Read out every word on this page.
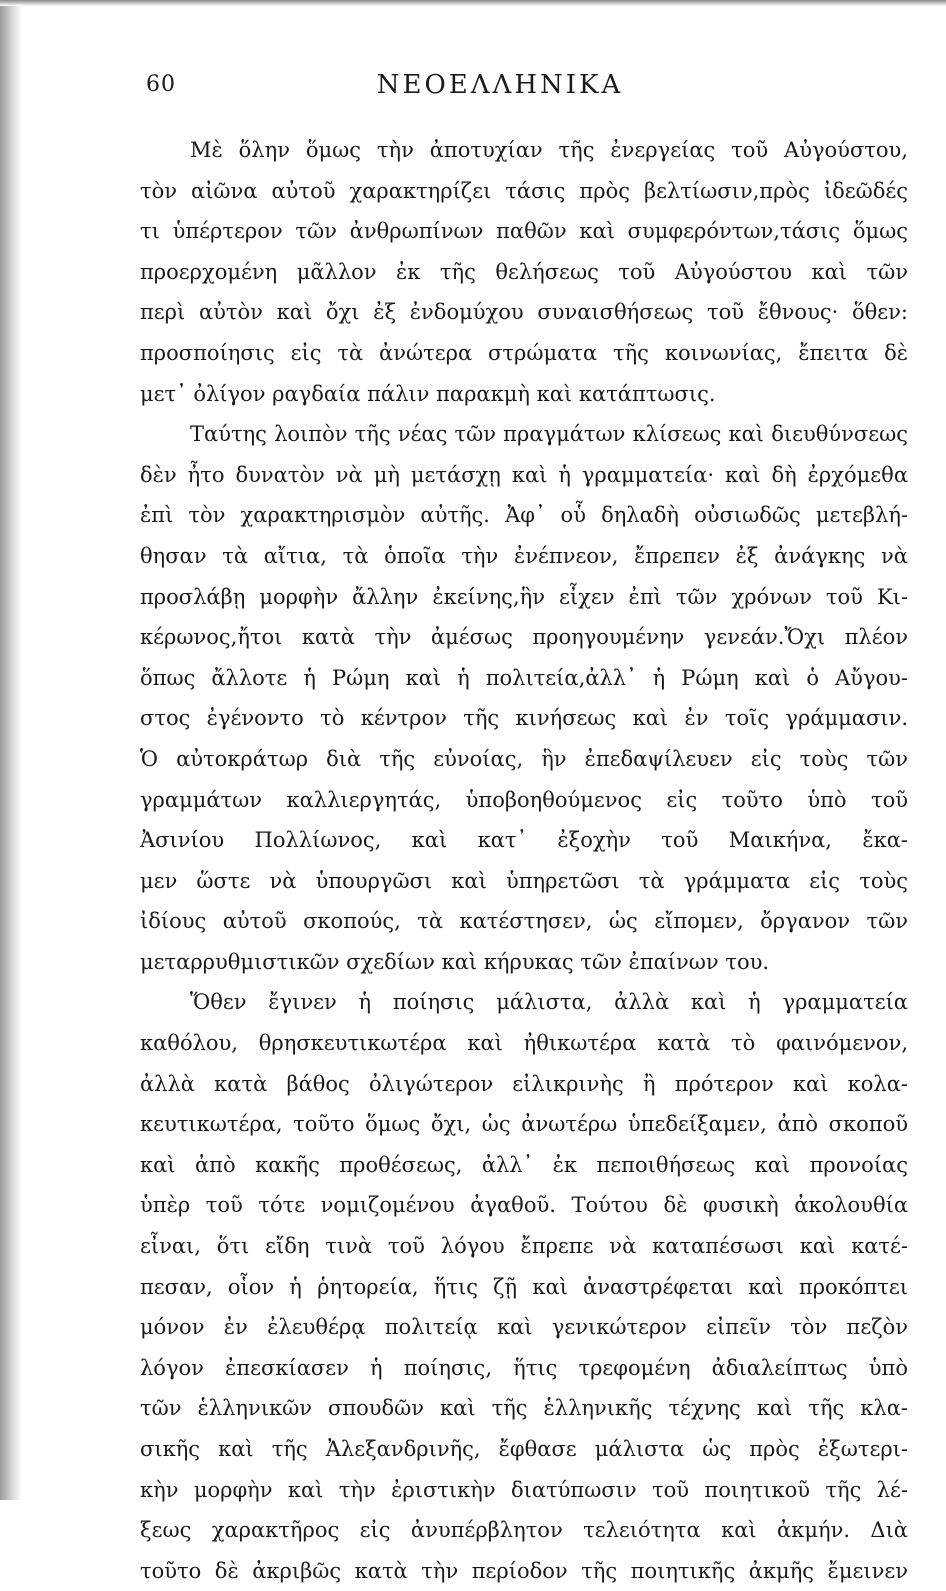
60	ΝΕΟΕΛΛΗΝΙΚΑ
Μὲ ὅλην ὅμως τὴν ἀποτυχίαν τῆς ἐνεργείας τοῦ Αὐγούστου,
τὸν αἰῶνα αὐτοῦ χαρακτηρίζει τάσις πρὸς βελτίωσιν,πρὸς ἰδεῶδές
τι ὑπέρτερον τῶν ἀνθρωπίνων παθῶν καὶ συμφερόντων,τάσις ὅμως
προερχομένη μᾶλλον ἐκ τῆς θελήσεως τοῦ Αὐγούστου καὶ τῶν
περὶ αὐτὸν καὶ ὄχι ἐξ ἐνδομύχου συναισθήσεως τοῦ ἔθνους· ὅθεν:
προσποίησις εἰς τὰ ἀνώτερα στρώματα τῆς κοινωνίας, ἔπειτα δὲ
μετ᾽ ὀλίγον ραγδαία πάλιν παρακμὴ καὶ κατάπτωσις.
Ταύτης λοιπὸν τῆς νέας τῶν πραγμάτων κλίσεως καὶ διευθύνσεως
δὲν ἦτο δυνατὸν νὰ μὴ μετάσχῃ καὶ ἡ γραμματεία· καὶ δὴ ἐρχόμεθα
ἐπὶ τὸν χαρακτηρισμὸν αὐτῆς. Ἀφ᾽ οὗ δηλαδὴ οὐσιωδῶς μετεβλή-
θησαν τὰ αἴτια, τὰ ὁποῖα τὴν ἐνέπνεον, ἔπρεπεν ἐξ ἀνάγκης νὰ
προσλάβῃ μορφὴν ἄλλην ἐκείνης,ἣν εἶχεν ἐπὶ τῶν χρόνων τοῦ Κι-
κέρωνος,ἤτοι κατὰ τὴν ἀμέσως προηγουμένην γενεάν.Ὄχι πλέον
ὅπως ἄλλοτε ἡ Ρώμη καὶ ἡ πολιτεία,ἀλλ᾽ ἡ Ρώμη καὶ ὁ Αὔγου-
στος ἐγένοντο τὸ κέντρον τῆς κινήσεως καὶ ἐν τοῖς γράμμασιν.
Ὁ αὐτοκράτωρ διὰ τῆς εὐνοίας, ἣν ἐπεδαψίλευεν εἰς τοὺς τῶν
γραμμάτων καλλιεργητάς, ὑποβοηθούμενος εἰς τοῦτο ὑπὸ τοῦ
Ἀσινίου Πολλίωνος, καὶ κατ᾽ ἐξοχὴν τοῦ Μαικήνα, ἔκα-
μεν ὥστε νὰ ὑπουργῶσι καὶ ὑπηρετῶσι τὰ γράμματα εἰς τοὺς
ἰδίους αὐτοῦ σκοπούς, τὰ κατέστησεν, ὡς εἴπομεν, ὄργανον τῶν
μεταρρυθμιστικῶν σχεδίων καὶ κήρυκας τῶν ἐπαίνων του.
Ὅθεν ἔγινεν ἡ ποίησις μάλιστα, ἀλλὰ καὶ ἡ γραμματεία
καθόλου, θρησκευτικωτέρα καὶ ἠθικωτέρα κατὰ τὸ φαινόμενον,
ἀλλὰ κατὰ βάθος ὀλιγώτερον εἰλικρινὴς ἢ πρότερον καὶ κολα-
κευτικωτέρα, τοῦτο ὅμως ὄχι, ὡς ἀνωτέρω ὑπεδείξαμεν, ἀπὸ σκοποῦ
καὶ ἀπὸ κακῆς προθέσεως, ἀλλ᾽ ἐκ πεποιθήσεως καὶ προνοίας
ὑπὲρ τοῦ τότε νομιζομένου ἀγαθοῦ. Τούτου δὲ φυσικὴ ἀκολουθία
εἶναι, ὅτι εἴδη τινὰ τοῦ λόγου ἔπρεπε νὰ καταπέσωσι καὶ κατέ-
πεσαν, οἷον ἡ ῥητορεία, ἥτις ζῇ καὶ ἀναστρέφεται καὶ προκόπτει
μόνον ἐν ἐλευθέρᾳ πολιτείᾳ καὶ γενικώτερον εἰπεῖν τὸν πεζὸν
λόγον ἐπεσκίασεν ἡ ποίησις, ἥτις τρεφομένη ἀδιαλείπτως ὑπὸ
τῶν ἑλληνικῶν σπουδῶν καὶ τῆς ἑλληνικῆς τέχνης καὶ τῆς κλα-
σικῆς καὶ τῆς Ἀλεξανδρινῆς, ἔφθασε μάλιστα ὡς πρὸς ἐξωτερι-
κὴν μορφὴν καὶ τὴν ἐριστικὴν διατύπωσιν τοῦ ποιητικοῦ τῆς λέ-
ξεως χαρακτῆρος εἰς ἀνυπέρβλητον τελειότητα καὶ ἀκμήν. Διὰ
τοῦτο δὲ ἀκριβῶς κατὰ τὴν περίοδον τῆς ποιητικῆς ἀκμῆς ἔμεινεν
